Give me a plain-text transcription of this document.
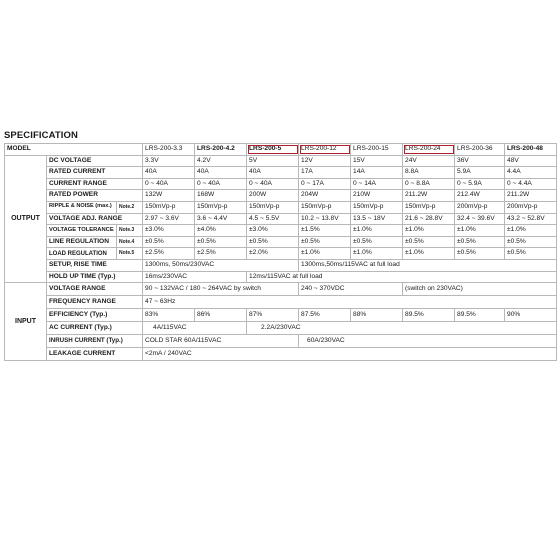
SPECIFICATION
MODEL			LRS-200-3.3	LRS-200-4.2	LRS-200-5	LRS-200-12	LRS-200-15	LRS-200-24	LRS-200-36	LRS-200-48
OUTPUT	DC VOLTAGE		3.3V	4.2V	5V	12V	15V	24V	36V	48V
	RATED CURRENT		40A	40A	40A	17A	14A	8.8A	5.9A	4.4A
	CURRENT RANGE		0 ~ 40A	0 ~ 40A	0 ~ 40A	0 ~ 17A	0 ~ 14A	0 ~ 8.8A	0 ~ 5.9A	0 ~ 4.4A
	RATED POWER		132W	168W	200W	204W	210W	211.2W	212.4W	211.2W
	RIPPLE & NOISE (max.)	Note.2	150mVp-p	150mVp-p	150mVp-p	150mVp-p	150mVp-p	150mVp-p	200mVp-p	200mVp-p
	VOLTAGE ADJ. RANGE		2.97 ~ 3.6V	3.6 ~ 4.4V	4.5 ~ 5.5V	10.2 ~ 13.8V	13.5 ~ 18V	21.6 ~ 28.8V	32.4 ~ 39.6V	43.2 ~ 52.8V
	VOLTAGE TOLERANCE	Note.3	±3.0%	±4.0%	±3.0%	±1.5%	±1.0%	±1.0%	±1.0%	±1.0%
	LINE REGULATION	Note.4	±0.5%	±0.5%	±0.5%	±0.5%	±0.5%	±0.5%	±0.5%	±0.5%
	LOAD REGULATION	Note.5	±2.5%	±2.5%	±2.0%	±1.0%	±1.0%	±1.0%	±0.5%	±0.5%
	SETUP, RISE TIME		1300ms, 50ms/230VAC			1300ms,50ms/115VAC at full load				
	HOLD UP TIME (Typ.)		16ms/230VAC		12ms/115VAC at full load					
INPUT	VOLTAGE RANGE		90 ~ 132VAC / 180 ~ 264VAC by switch			240 ~ 370VDC		(switch on 230VAC)		
	FREQUENCY RANGE		47 ~ 63Hz							
	EFFICIENCY (Typ.)		83%	86%	87%	87.5%	88%	89.5%	89.5%	90%
	AC CURRENT (Typ.)		4A/115VAC		2.2A/230VAC					
	INRUSH CURRENT (Typ.)		COLD STAR 60A/115VAC			60A/230VAC				
	LEAKAGE CURRENT		<2mA / 240VAC							
